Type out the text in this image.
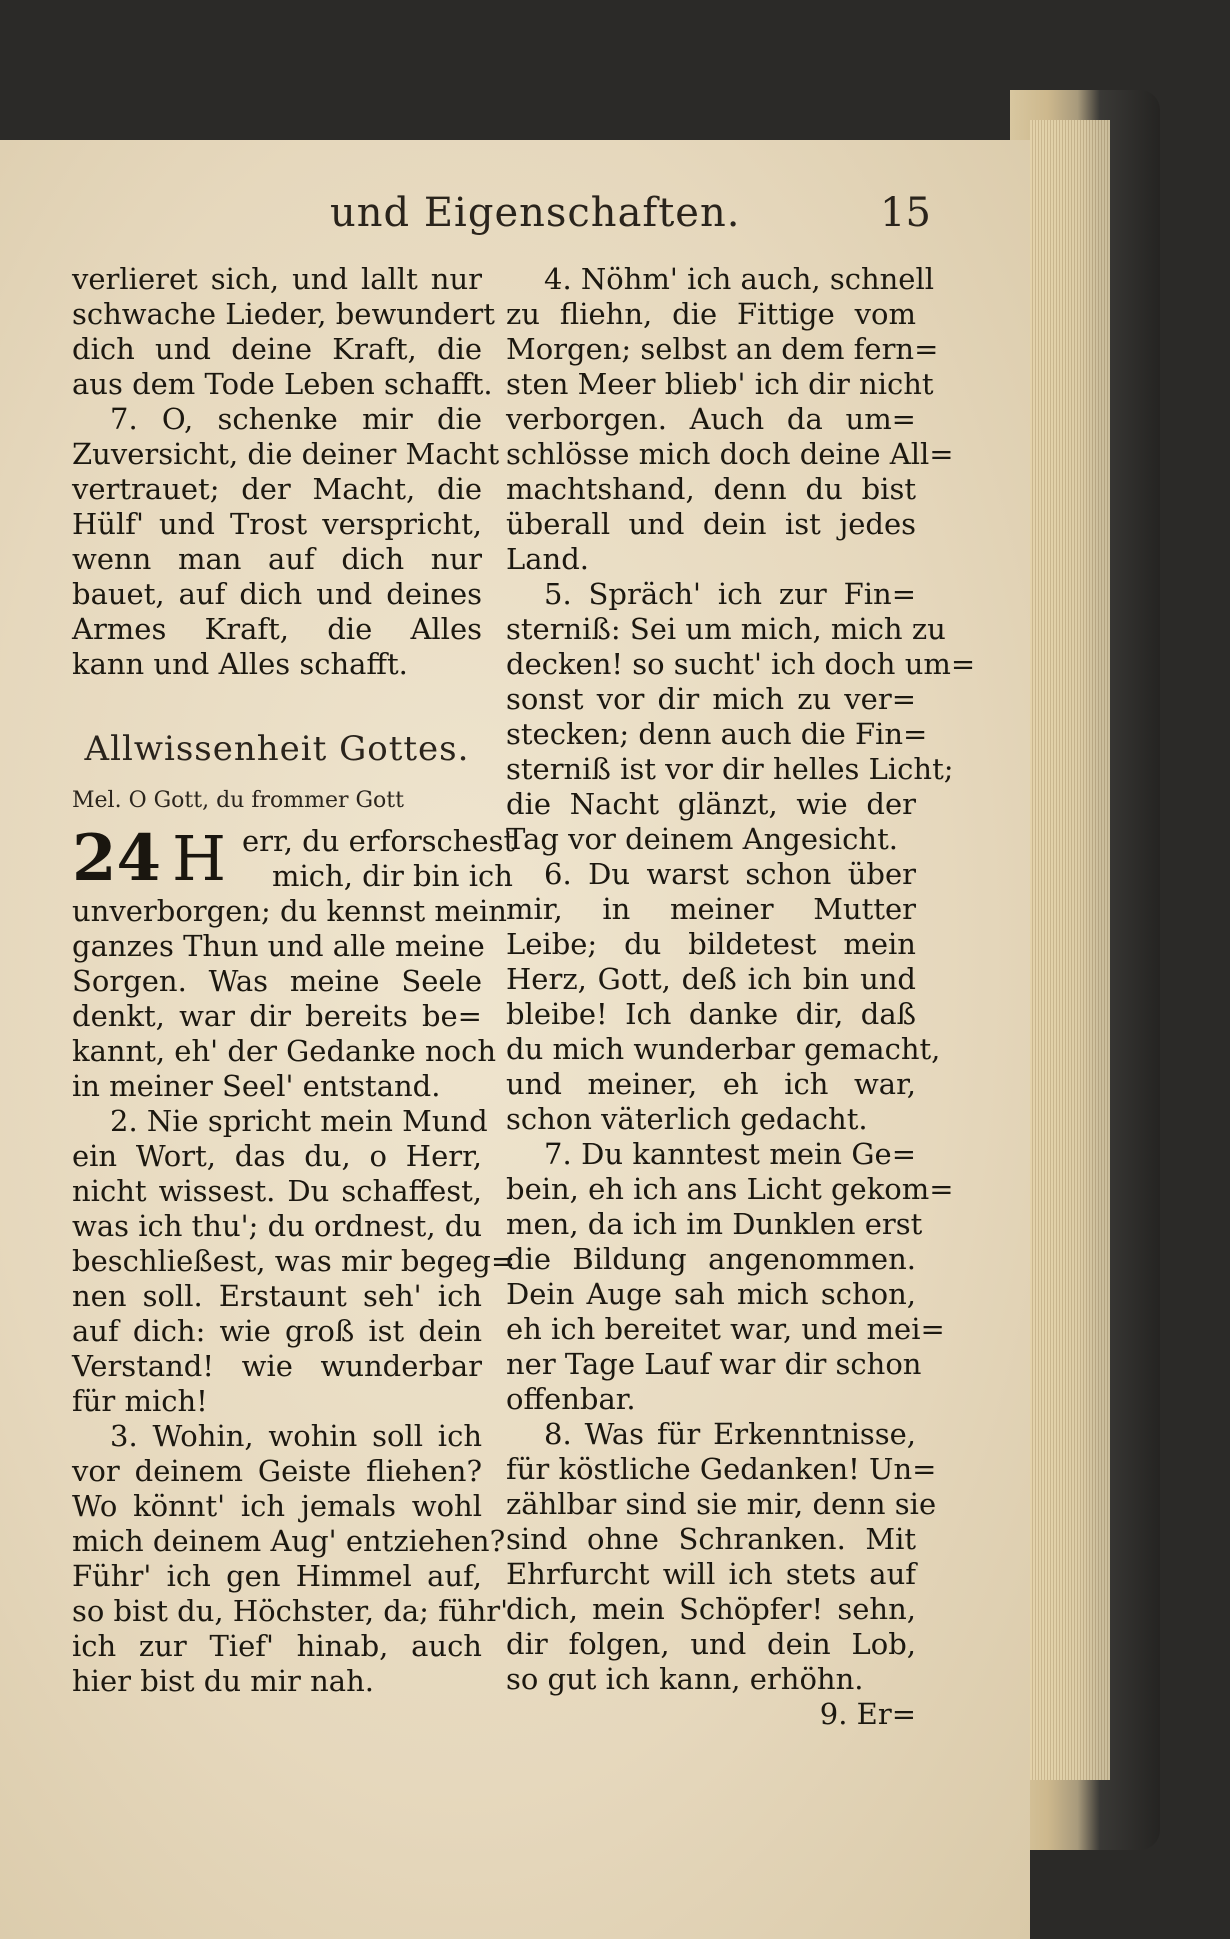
und Eigenschaften.	15
verlieret sich, und lallt nur
schwache Lieder, bewundert
dich und deine Kraft, die
aus dem Tode Leben schafft.
7. O, schenke mir die
Zuversicht, die deiner Macht
vertrauet; der Macht, die
Hülf' und Trost verspricht,
wenn man auf dich nur
bauet, auf dich und deines
Armes Kraft, die Alles
kann und Alles schafft.
Allwissenheit Gottes.
Mel. O Gott, du frommer Gott
24 H err, du erforschest
mich, dir bin ich
unverborgen; du kennst mein
ganzes Thun und alle meine
Sorgen. Was meine Seele
denkt, war dir bereits be=
kannt, eh' der Gedanke noch
in meiner Seel' entstand.
2. Nie spricht mein Mund
ein Wort, das du, o Herr,
nicht wissest. Du schaffest,
was ich thu'; du ordnest, du
beschließest, was mir begeg=
nen soll. Erstaunt seh' ich
auf dich: wie groß ist dein
Verstand! wie wunderbar
für mich!
3. Wohin, wohin soll ich
vor deinem Geiste fliehen?
Wo könnt' ich jemals wohl
mich deinem Aug' entziehen?
Führ' ich gen Himmel auf,
so bist du, Höchster, da; führ'
ich zur Tief' hinab, auch
hier bist du mir nah.
4. Nöhm' ich auch, schnell
zu fliehn, die Fittige vom
Morgen; selbst an dem fern=
sten Meer blieb' ich dir nicht
verborgen. Auch da um=
schlösse mich doch deine All=
machtshand, denn du bist
überall und dein ist jedes
Land.
5. Spräch' ich zur Fin=
sterniß: Sei um mich, mich zu
decken! so sucht' ich doch um=
sonst vor dir mich zu ver=
stecken; denn auch die Fin=
sterniß ist vor dir helles Licht;
die Nacht glänzt, wie der
Tag vor deinem Angesicht.
6. Du warst schon über
mir, in meiner Mutter
Leibe; du bildetest mein
Herz, Gott, deß ich bin und
bleibe! Ich danke dir, daß
du mich wunderbar gemacht,
und meiner, eh ich war,
schon väterlich gedacht.
7. Du kanntest mein Ge=
bein, eh ich ans Licht gekom=
men, da ich im Dunklen erst
die Bildung angenommen.
Dein Auge sah mich schon,
eh ich bereitet war, und mei=
ner Tage Lauf war dir schon
offenbar.
8. Was für Erkenntnisse,
für köstliche Gedanken! Un=
zählbar sind sie mir, denn sie
sind ohne Schranken. Mit
Ehrfurcht will ich stets auf
dich, mein Schöpfer! sehn,
dir folgen, und dein Lob,
so gut ich kann, erhöhn.
9. Er=
